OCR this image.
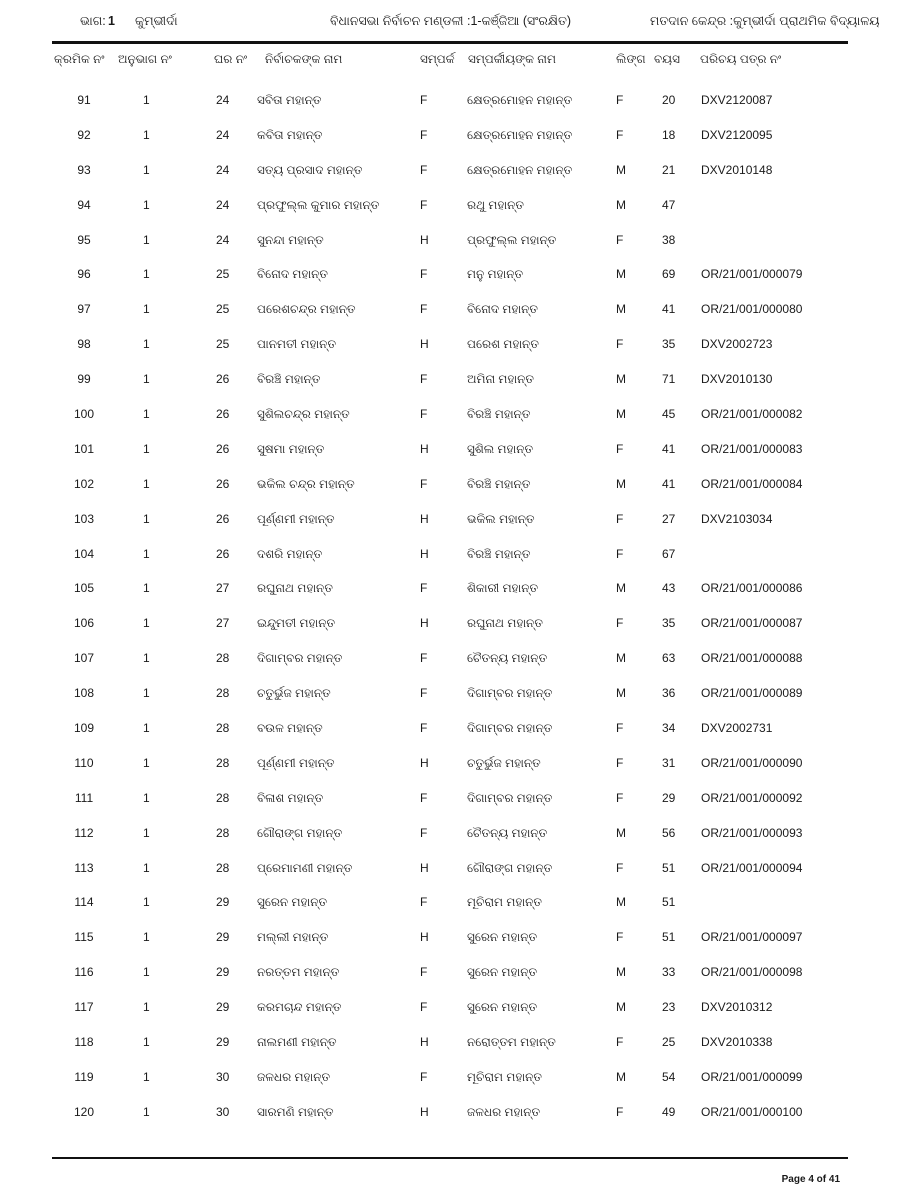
ଭାଗ: 1 କୁମ୍ଭୀର୍ଦା	ବିଧାନସଭା ନିର୍ବାଚନ ମଣ୍ଡଳୀ :1-କର୍ଞ୍ଜିଆ (ସଂରକ୍ଷିତ)	ମତଦାନ କେନ୍ଦ୍ର :କୁମ୍ଭୀର୍ଦା ପ୍ରାଥମିକ ବିଦ୍ୟାଳୟ
କ୍ରମିକ ନଂ ଅନୁଭାଗ ନଂ	ଘର ନଂ ନିର୍ବାଚକଙ୍କ ନାମ	ସମ୍ପର୍କ ସମ୍ପର୍କୀୟଙ୍କ ନାମ	ଲିଙ୍ଗ ବୟସ ପରିଚୟ ପତ୍ର ନଂ
91	1	24 ସବିତା ମହାନ୍ତ	F	କ୍ଷେତ୍ରମୋହନ ମହାନ୍ତ	F	20 DXV2120087
92	1	24 କବିତା ମହାନ୍ତ	F	କ୍ଷେତ୍ରମୋହନ ମହାନ୍ତ	F	18 DXV2120095
93	1	24 ସତ୍ୟ ପ୍ରସାଦ ମହାନ୍ତ	F	କ୍ଷେତ୍ରମୋହନ ମହାନ୍ତ	M	21 DXV2010148
94	1	24 ପ୍ରଫୁଲ୍ଲ କୁମାର ମହାନ୍ତ	F	ରଥୁ ମହାନ୍ତ	M	47
95	1	24 ସୁନନ୍ଦା ମହାନ୍ତ	H	ପ୍ରଫୁଲ୍ଲ ମହାନ୍ତ	F	38
96	1	25 ବିନୋଦ ମହାନ୍ତ	F	ମନୁ ମହାନ୍ତ	M	69 OR/21/001/000079
97	1	25 ପରେଶଚନ୍ଦ୍ର ମହାନ୍ତ	F	ବିନୋଦ ମହାନ୍ତ	M	41 OR/21/001/000080
98	1	25 ପାନମତୀ ମହାନ୍ତ	H	ପରେଶ ମହାନ୍ତ	F	35 DXV2002723
99	1	26 ବିରଞ୍ଚି ମହାନ୍ତ	F	ଅମିନା ମହାନ୍ତ	M	71 DXV2010130
100	1	26 ସୁଶିଲଚନ୍ଦ୍ର ମହାନ୍ତ	F	ବିରଞ୍ଚି ମହାନ୍ତ	M	45 OR/21/001/000082
101	1	26 ସୁଷମା ମହାନ୍ତ	H	ସୁଶିଲ ମହାନ୍ତ	F	41 OR/21/001/000083
102	1	26 ଭକିଲ ଚନ୍ଦ୍ର ମହାନ୍ତ	F	ବିରଞ୍ଚି ମହାନ୍ତ	M	41 OR/21/001/000084
103	1	26 ପୂର୍ଣ୍ଣମୀ ମହାନ୍ତ	H	ଭକିଲ ମହାନ୍ତ	F	27 DXV2103034
104	1	26 ଦଶରି ମହାନ୍ତ	H	ବିରଞ୍ଚି ମହାନ୍ତ	F	67
105	1	27 ରଘୁନାଥ ମହାନ୍ତ	F	ଶିକାରୀ ମହାନ୍ତ	M	43 OR/21/001/000086
106	1	27 ଇନ୍ଦୁମତୀ ମହାନ୍ତ	H	ରଘୁନାଥ ମହାନ୍ତ	F	35 OR/21/001/000087
107	1	28 ଦିଗାମ୍ବର ମହାନ୍ତ	F	ଚୈତନ୍ୟ ମହାନ୍ତ	M	63 OR/21/001/000088
108	1	28 ଚତୁର୍ଭୁଜ ମହାନ୍ତ	F	ଦିଗାମ୍ବର ମହାନ୍ତ	M	36 OR/21/001/000089
109	1	28 ବଉଳ ମହାନ୍ତ	F	ଦିଗାମ୍ବର ମହାନ୍ତ	F	34 DXV2002731
110	1	28 ପୂର୍ଣ୍ଣମୀ ମହାନ୍ତ	H	ଚତୁର୍ଭୁଜ ମହାନ୍ତ	F	31 OR/21/001/000090
111	1	28 ବିଳାଶ ମହାନ୍ତ	F	ଦିଗାମ୍ବର ମହାନ୍ତ	F	29 OR/21/001/000092
112	1	28 ଗୌରାଙ୍ଗ ମହାନ୍ତ	F	ଚୈତନ୍ୟ ମହାନ୍ତ	M	56 OR/21/001/000093
113	1	28 ପ୍ରେମାମଣୀ ମହାନ୍ତ	H	ଗୌରାଙ୍ଗ ମହାନ୍ତ	F	51 OR/21/001/000094
114	1	29 ସୁରେନ ମହାନ୍ତ	F	ମୂଚିରାମ ମହାନ୍ତ	M	51
115	1	29 ମଲ୍ଲୀ ମହାନ୍ତ	H	ସୁରେନ ମହାନ୍ତ	F	51 OR/21/001/000097
116	1	29 ନରତ୍ତମ ମହାନ୍ତ	F	ସୁରେନ ମହାନ୍ତ	M	33 OR/21/001/000098
117	1	29 କରମଚାନ୍ଦ ମହାନ୍ତ	F	ସୁରେନ ମହାନ୍ତ	M	23 DXV2010312
118	1	29 ନାଲମଣୀ ମହାନ୍ତ	H	ନରୋତ୍ତମ ମହାନ୍ତ	F	25 DXV2010338
119	1	30 ଜଳଧର ମହାନ୍ତ	F	ମୂଚିରାମ ମହାନ୍ତ	M	54 OR/21/001/000099
120	1	30 ସାରମଣି ମହାନ୍ତ	H	ଜଳଧର ମହାନ୍ତ	F	49 OR/21/001/000100
Page 4 of 41
